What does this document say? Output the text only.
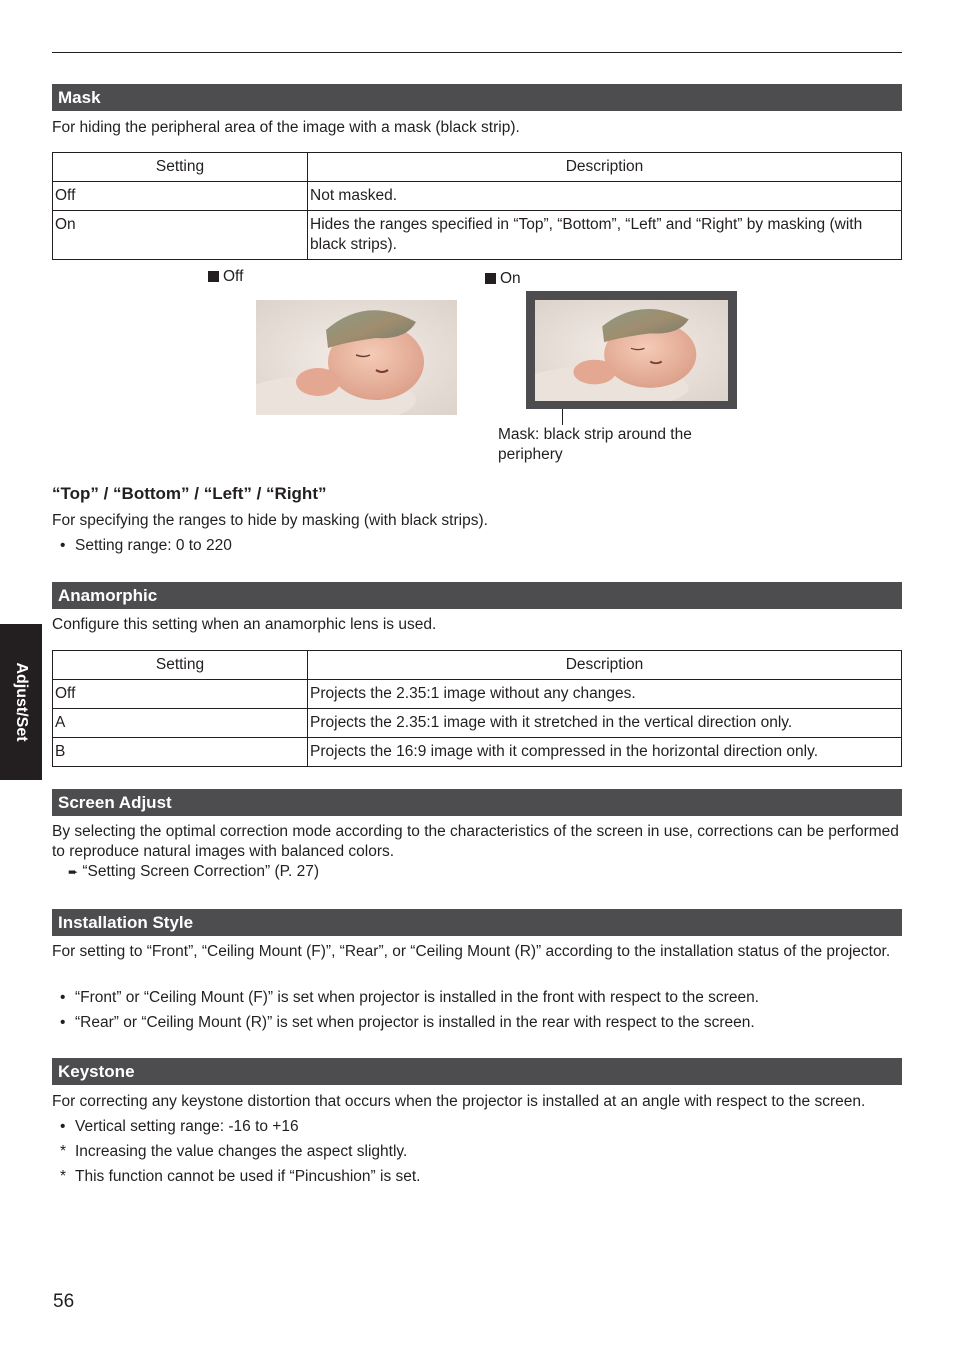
Adjust/Set
Mask
For hiding the peripheral area of the image with a mask (black strip).
Setting	Description
Off	Not masked.
On	Hides the ranges specified in “Top”, “Bottom”, “Left” and “Right” by masking (with black strips).
Off	On
Mask: black strip around the periphery
“Top” / “Bottom” / “Left” / “Right”
For specifying the ranges to hide by masking (with black strips).
• Setting range: 0 to 220
Anamorphic
Configure this setting when an anamorphic lens is used.
Setting	Description
Off	Projects the 2.35:1 image without any changes.
A	Projects the 2.35:1 image with it stretched in the vertical direction only.
B	Projects the 16:9 image with it compressed in the horizontal direction only.
Screen Adjust
By selecting the optimal correction mode according to the characteristics of the screen in use, corrections can be performed to reproduce natural images with balanced colors.
➨ “Setting Screen Correction” (P. 27)
Installation Style
For setting to “Front”, “Ceiling Mount (F)”, “Rear”, or “Ceiling Mount (R)” according to the installation status of the projector.
• “Front” or “Ceiling Mount (F)” is set when projector is installed in the front with respect to the screen.
• “Rear” or “Ceiling Mount (R)” is set when projector is installed in the rear with respect to the screen.
Keystone
For correcting any keystone distortion that occurs when the projector is installed at an angle with respect to the screen.
• Vertical setting range: -16 to +16
* Increasing the value changes the aspect slightly.
* This function cannot be used if “Pincushion” is set.
56
